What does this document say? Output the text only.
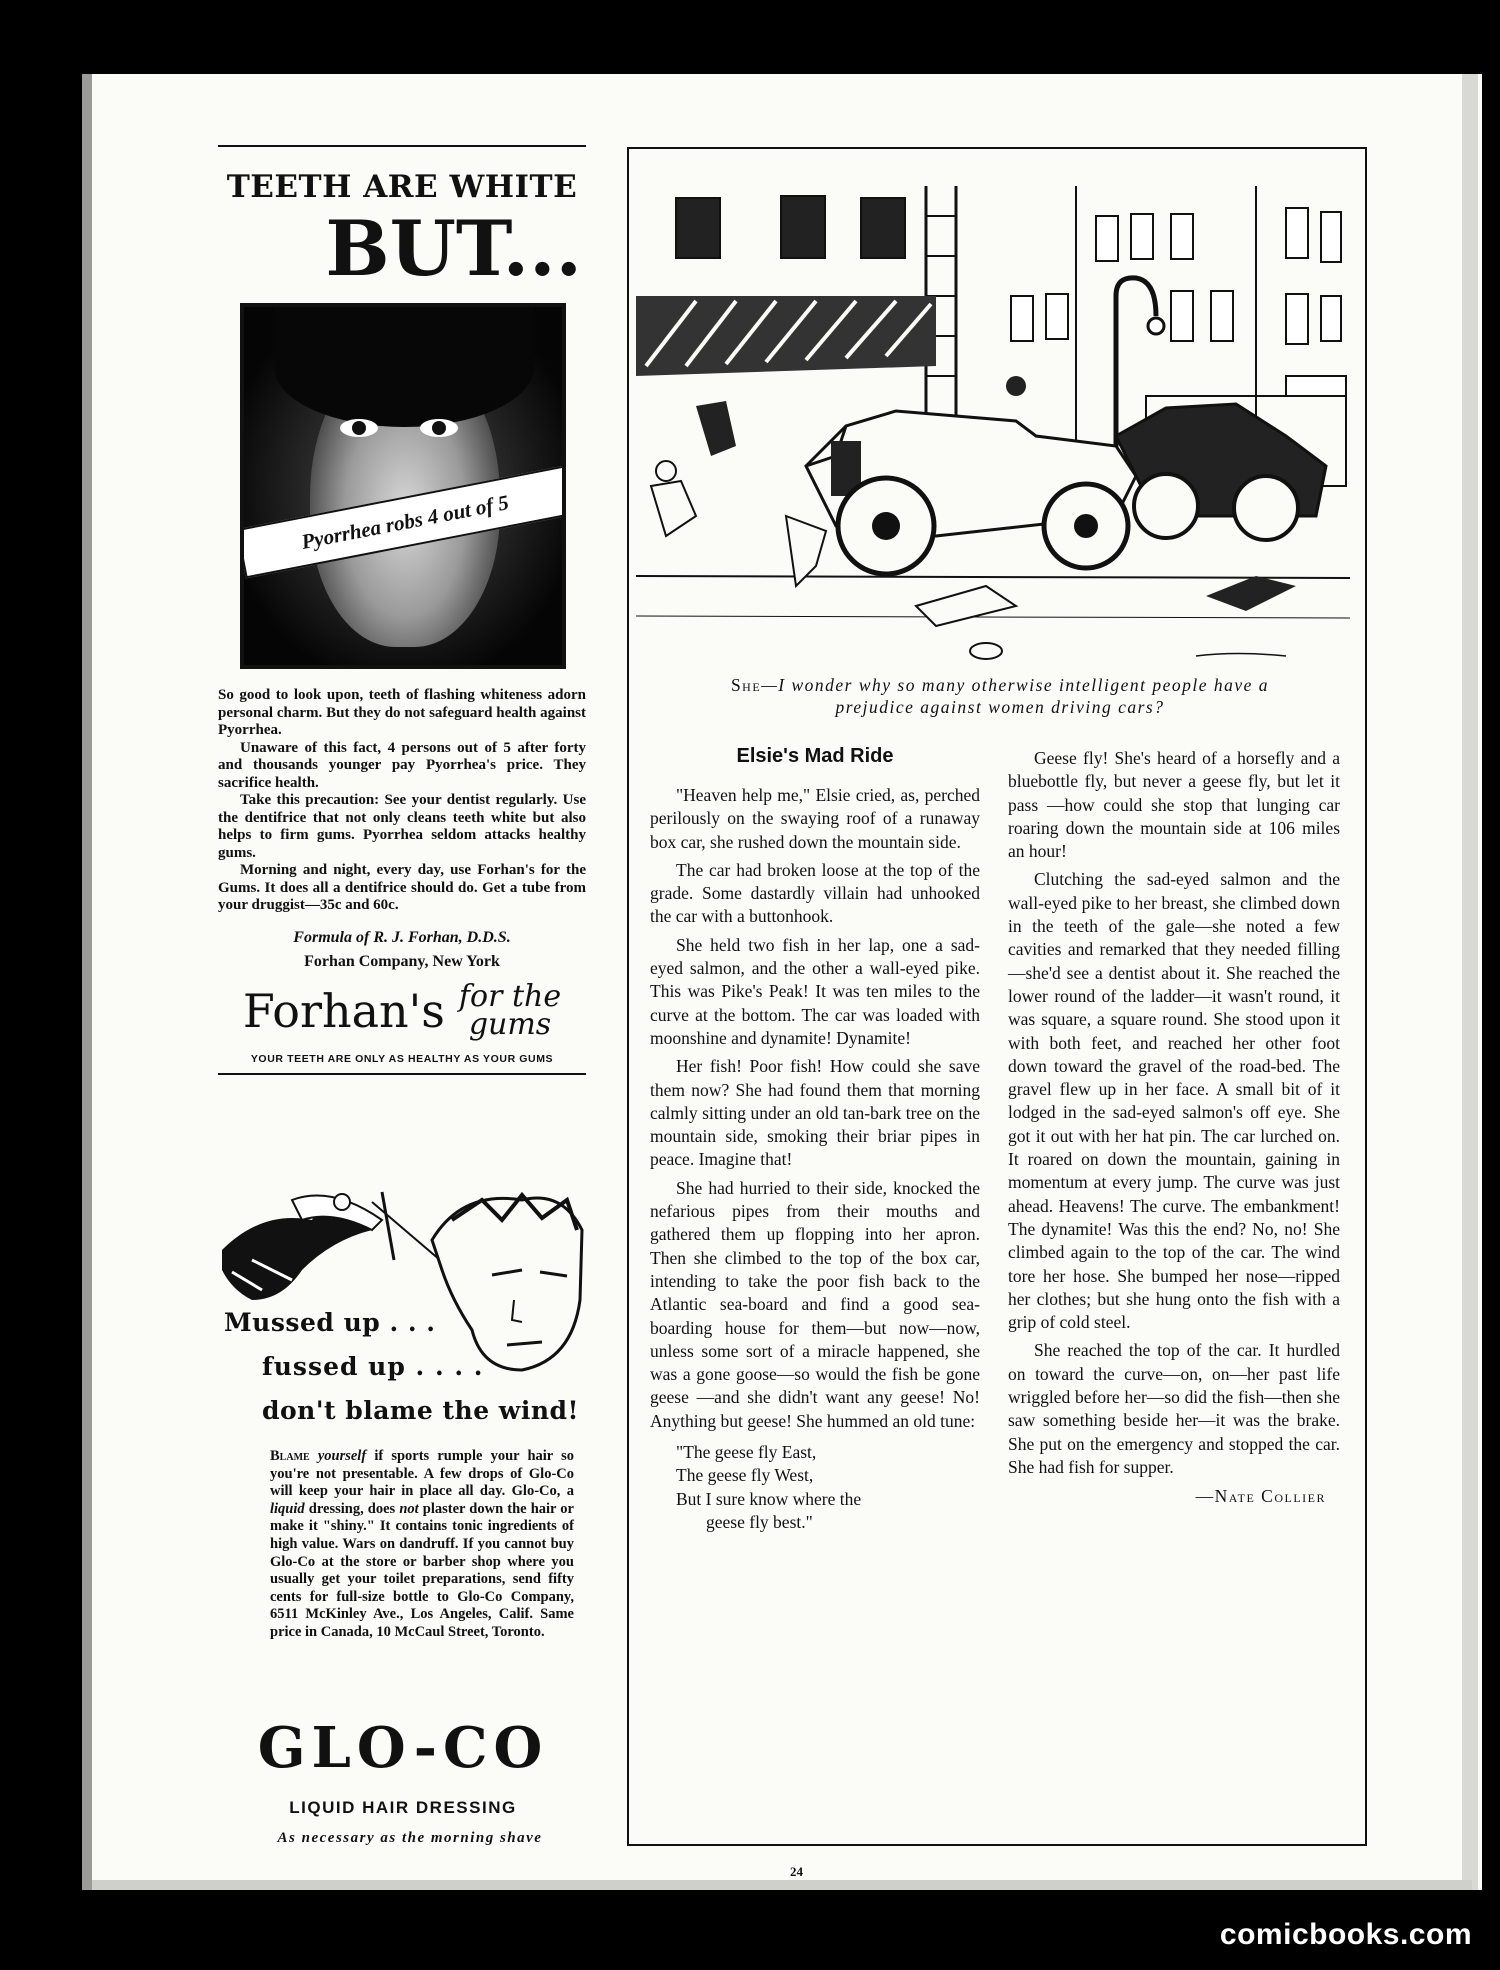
TEETH ARE WHITE
BUT...
Pyorrhea robs 4 out of 5

So good to look upon, teeth of flashing whiteness adorn personal charm. But they do not safeguard health against Pyorrhea.

Unaware of this fact, 4 persons out of 5 after forty and thousands younger pay Pyorrhea's price. They sacrifice health.

Take this precaution: See your dentist regularly. Use the dentifrice that not only cleans teeth white but also helps to firm gums. Pyorrhea seldom attacks healthy gums.

Morning and night, every day, use Forhan's for the Gums. It does all a dentifrice should do. Get a tube from your druggist—35c and 60c.

Formula of R. J. Forhan, D.D.S.
Forhan Company, New York
Forhan's for the
gums
YOUR TEETH ARE ONLY AS HEALTHY AS YOUR GUMS
Mussed up . . .
fussed up . . . .
don't blame the wind!
Blame yourself if sports rumple your hair so you're not presentable. A few drops of Glo-Co will keep your hair in place all day. Glo-Co, a liquid dressing, does not plaster down the hair or make it "shiny." It contains tonic ingredients of high value. Wars on dandruff. If you cannot buy Glo-Co at the store or barber shop where you usually get your toilet preparations, send fifty cents for full-size bottle to Glo-Co Company, 6511 McKinley Ave., Los Angeles, Calif. Same price in Canada, 10 McCaul Street, Toronto.
GLO-CO
LIQUID HAIR DRESSING
As necessary as the morning shave
She—I wonder why so many otherwise intelligent people have a prejudice against women driving cars?
Elsie's Mad Ride

"Heaven help me," Elsie cried, as, perched perilously on the swaying roof of a runaway box car, she rushed down the mountain side.

The car had broken loose at the top of the grade. Some dastardly villain had unhooked the car with a buttonhook.

She held two fish in her lap, one a sad-eyed salmon, and the other a wall-eyed pike. This was Pike's Peak! It was ten miles to the curve at the bottom. The car was loaded with moonshine and dynamite! Dynamite!

Her fish! Poor fish! How could she save them now? She had found them that morning calmly sitting under an old tan-bark tree on the mountain side, smoking their briar pipes in peace. Imagine that!

She had hurried to their side, knocked the nefarious pipes from their mouths and gathered them up flopping into her apron. Then she climbed to the top of the box car, intending to take the poor fish back to the Atlantic sea-board and find a good sea-boarding house for them—but now—now, unless some sort of a miracle happened, she was a gone goose—so would the fish be gone geese —and she didn't want any geese! No! Anything but geese! She hummed an old tune:

"The geese fly East,
The geese fly West,
But I sure know where the
geese fly best."

Geese fly! She's heard of a horsefly and a bluebottle fly, but never a geese fly, but let it pass —how could she stop that lunging car roaring down the mountain side at 106 miles an hour!

Clutching the sad-eyed salmon and the wall-eyed pike to her breast, she climbed down in the teeth of the gale—she noted a few cavities and remarked that they needed filling—she'd see a dentist about it. She reached the lower round of the ladder—it wasn't round, it was square, a square round. She stood upon it with both feet, and reached her other foot down toward the gravel of the road-bed. The gravel flew up in her face. A small bit of it lodged in the sad-eyed salmon's off eye. She got it out with her hat pin. The car lurched on. It roared on down the mountain, gaining in momentum at every jump. The curve was just ahead. Heavens! The curve. The embankment! The dynamite! Was this the end? No, no! She climbed again to the top of the car. The wind tore her hose. She bumped her nose—ripped her clothes; but she hung onto the fish with a grip of cold steel.

She reached the top of the car. It hurdled on toward the curve—on, on—her past life wriggled before her—so did the fish—then she saw something beside her—it was the brake. She put on the emergency and stopped the car. She had fish for supper.

—Nate Collier
24
comicbooks.com
